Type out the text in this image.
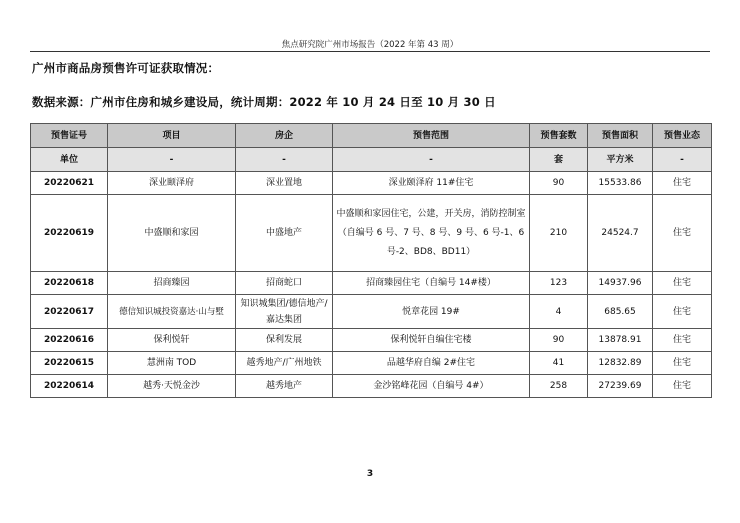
焦点研究院广州市场报告（2022 年第 43 周）
广州市商品房预售许可证获取情况：
数据来源：广州市住房和城乡建设局，统计周期：2022 年 10 月 24 日至 10 月 30 日
预售证号	项目	房企	预售范围	预售套数	预售面积	预售业态
单位	-	-	-	套	平方米	-
20220621	深业颐泽府	深业置地	深业颐泽府 11#住宅	90	15533.86	住宅
20220619	中盛顺和家园	中盛地产	中盛顺和家园住宅，公建，开关房，消防控制室（自编号 6 号、7 号、8 号、9 号、6 号-1、6 号-2、BD8、BD11）	210	24524.7	住宅
20220618	招商臻园	招商蛇口	招商臻园住宅（自编号 14#楼）	123	14937.96	住宅
20220617	德信知识城投资嘉达·山与墅	知识城集团/德信地产/嘉达集团	悦章花园 19#	4	685.65	住宅
20220616	保利悦轩	保利发展	保利悦轩自编住宅楼	90	13878.91	住宅
20220615	慧洲南 TOD	越秀地产/广州地铁	品越华府自编 2#住宅	41	12832.89	住宅
20220614	越秀·天悦金沙	越秀地产	金沙铭峰花园（自编号 4#）	258	27239.69	住宅
3
